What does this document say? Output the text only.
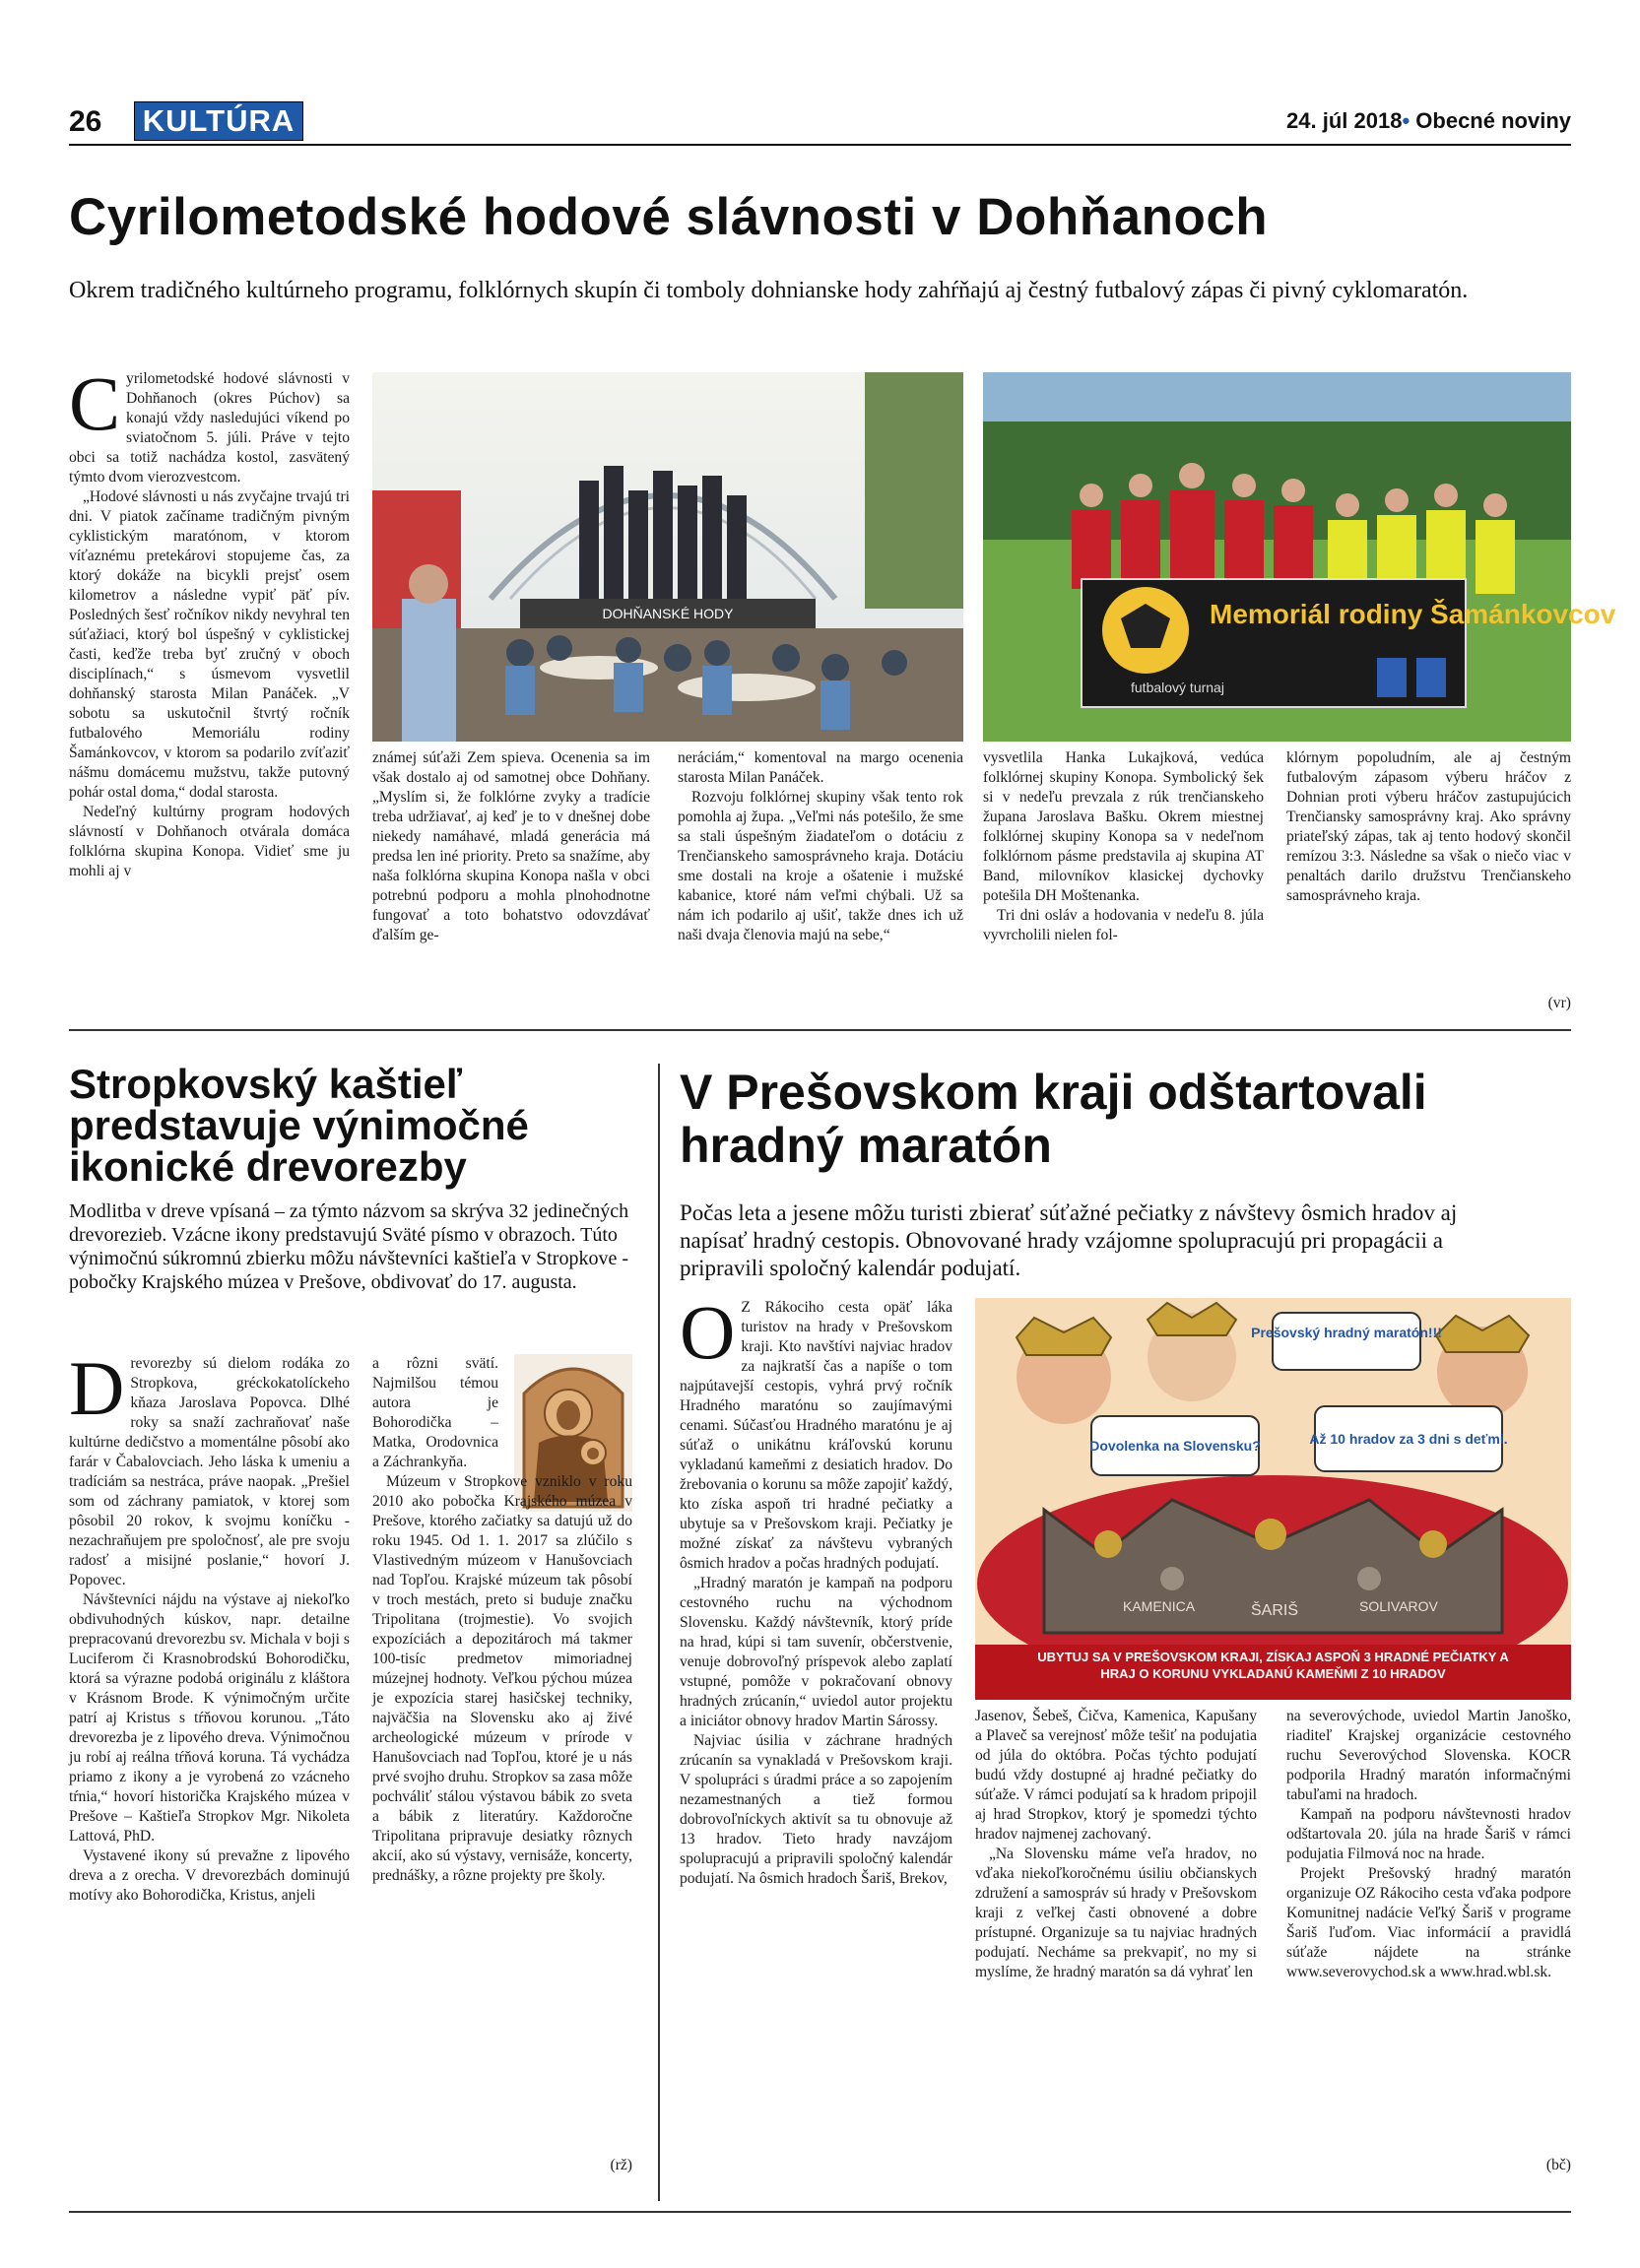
26 KULTÚRA	24. júl 2018• Obecné noviny
Cyrilometodské hodové slávnosti v Dohňanoch
Okrem tradičného kultúrneho programu, folklórnych skupín či tomboly dohnianske hody zahŕňajú aj čestný futbalový zápas či pivný cyklomaratón.
C yrilometodské hodové slávnosti v Dohňanoch (okres Púchov) sa konajú vždy nasledujúci víkend po sviatočnom 5. júli. Práve v tejto obci sa totiž nachádza kostol, zasvätený týmto dvom vierozvestcom.

„Hodové slávnosti u nás zvyčajne trvajú tri dni. V piatok začíname tradičným pivným cyklistickým maratónom, v ktorom víťaznému pretekárovi stopujeme čas, za ktorý dokáže na bicykli prejsť osem kilometrov a následne vypiť päť pív. Posledných šesť ročníkov nikdy nevyhral ten súťažiaci, ktorý bol úspešný v cyklistickej časti, keďže treba byť zručný v oboch disciplínach,“ s úsmevom vysvetlil dohňanský starosta Milan Panáček. „V sobotu sa uskutočnil štvrtý ročník futbalového Memoriálu rodiny Šamánkovcov, v ktorom sa podarilo zvíťaziť nášmu domácemu mužstvu, takže putovný pohár ostal doma,“ dodal starosta.

Nedeľný kultúrny program hodových slávností v Dohňanoch otvárala domáca folklórna skupina Konopa. Vidieť sme ju mohli aj v

DOHŇANSKÉ HODY	Memoriál rodiny Šamánkovcov
futbalový turnaj

známej súťaži Zem spieva. Ocenenia sa im však dostalo aj od samotnej obce Dohňany. „Myslím si, že folklórne zvyky a tradície treba udržiavať, aj keď je to v dnešnej dobe niekedy namáhavé, mladá generácia má predsa len iné priority. Preto sa snažíme, aby naša folklórna skupina Konopa našla v obci potrebnú podporu a mohla plnohodnotne fungovať a toto bohatstvo odovzdávať ďalším ge-

neráciám,“ komentoval na margo ocenenia starosta Milan Panáček.

Rozvoju folklórnej skupiny však tento rok pomohla aj župa. „Veľmi nás potešilo, že sme sa stali úspešným žiadateľom o dotáciu z Trenčianskeho samosprávneho kraja. Dotáciu sme dostali na kroje a ošatenie i mužské kabanice, ktoré nám veľmi chýbali. Už sa nám ich podarilo aj ušiť, takže dnes ich už naši dvaja členovia majú na sebe,“

vysvetlila Hanka Lukajková, vedúca folklórnej skupiny Konopa. Symbolický šek si v nedeľu prevzala z rúk trenčianskeho župana Jaroslava Bašku. Okrem miestnej folklórnej skupiny Konopa sa v nedeľnom folklórnom pásme predstavila aj skupina AT Band, milovníkov klasickej dychovky potešila DH Moštenanka.

Tri dni osláv a hodovania v nedeľu 8. júla vyvrcholili nielen fol-

klórnym popoludním, ale aj čestným futbalovým zápasom výberu hráčov z Dohnian proti výberu hráčov zastupujúcich Trenčiansky samosprávny kraj. Ako správny priateľský zápas, tak aj tento hodový skončil remízou 3:3. Následne sa však o niečo viac v penaltách darilo družstvu Trenčianskeho samosprávneho kraja.

(vr)
Stropkovský kaštieľ predstavuje výnimočné ikonické drevorezby
Modlitba v dreve vpísaná – za týmto názvom sa skrýva 32 jedinečných drevorezieb. Vzácne ikony predstavujú Sväté písmo v obrazoch. Túto výnimočnú súkromnú zbierku môžu návštevníci kaštieľa v Stropkove - pobočky Krajského múzea v Prešove, obdivovať do 17. augusta.
D revorezby sú dielom rodáka zo Stropkova, gréckokatolíckeho kňaza Jaroslava Popovca. Dlhé roky sa snaží zachraňovať naše kultúrne dedičstvo a momentálne pôsobí ako farár v Čabalovciach. Jeho láska k umeniu a tradíciám sa nestráca, práve naopak. „Prešiel som od záchrany pamiatok, v ktorej som pôsobil 20 rokov, k svojmu koníčku - nezachraňujem pre spoločnosť, ale pre svoju radosť a misijné poslanie,“ hovorí J. Popovec.

Návštevníci nájdu na výstave aj niekoľko obdivuhodných kúskov, napr. detailne prepracovanú drevorezbu sv. Michala v boji s Luciferom či Krasnobrodskú Bohorodičku, ktorá sa výrazne podobá originálu z kláštora v Krásnom Brode. K výnimočným určite patrí aj Kristus s tŕňovou korunou. „Táto drevorezba je z lipového dreva. Výnimočnou ju robí aj reálna tŕňová koruna. Tá vychádza priamo z ikony a je vyrobená zo vzácneho tŕnia,“ hovorí historička Krajského múzea v Prešove – Kaštieľa Stropkov Mgr. Nikoleta Lattová, PhD.

Vystavené ikony sú prevažne z lipového dreva a z orecha. V drevorezbách dominujú motívy ako Bohorodička, Kristus, anjeli

a rôzni svätí. Najmilšou témou autora je Bohorodička – Matka, Orodovnica a Záchrankyňa.

Múzeum v Stropkove vzniklo v roku 2010 ako pobočka Krajského múzea v Prešove, ktorého začiatky sa datujú už do roku 1945. Od 1. 1. 2017 sa zlúčilo s Vlastivedným múzeom v Hanušovciach nad Topľou. Krajské múzeum tak pôsobí v troch mestách, preto si buduje značku Tripolitana (trojmestie). Vo svojich expozíciách a depozitároch má takmer 100-tisíc predmetov mimoriadnej múzejnej hodnoty. Veľkou pýchou múzea je expozícia starej hasičskej techniky, najväčšia na Slovensku ako aj živé archeologické múzeum v prírode v Hanušovciach nad Topľou, ktoré je u nás prvé svojho druhu. Stropkov sa zasa môže pochváliť stálou výstavou bábik zo sveta a bábik z literatúry. Každoročne Tripolitana pripravuje desiatky rôznych akcií, ako sú výstavy, vernisáže, koncerty, prednášky, a rôzne projekty pre školy.

(rž)
V Prešovskom kraji odštartovali hradný maratón
Počas leta a jesene môžu turisti zbierať súťažné pečiatky z návštevy ôsmich hradov aj napísať hradný cestopis. Obnovované hrady vzájomne spolupracujú pri propagácii a pripravili spoločný kalendár podujatí.
O Z Rákociho cesta opäť láka turistov na hrady v Prešovskom kraji. Kto navštívi najviac hradov za najkratší čas a napíše o tom najpútavejší cestopis, vyhrá prvý ročník Hradného maratónu so zaujímavými cenami. Súčasťou Hradného maratónu je aj súťaž o unikátnu kráľovskú korunu vykladanú kameňmi z desiatich hradov. Do žrebovania o korunu sa môže zapojiť každý, kto získa aspoň tri hradné pečiatky a ubytuje sa v Prešovskom kraji. Pečiatky je možné získať za návštevu vybraných ôsmich hradov a počas hradných podujatí.

„Hradný maratón je kampaň na podporu cestovného ruchu na východnom Slovensku. Každý návštevník, ktorý príde na hrad, kúpi si tam suvenír, občerstvenie, venuje dobrovoľný príspevok alebo zaplatí vstupné, pomôže v pokračovaní obnovy hradných zrúcanín,“ uviedol autor projektu a iniciátor obnovy hradov Martin Sárossy.

Najviac úsilia v záchrane hradných zrúcanín sa vynakladá v Prešovskom kraji. V spolupráci s úradmi práce a so zapojením nezamestnaných a tiež formou dobrovoľníckych aktivít sa tu obnovuje až 13 hradov. Tieto hrady navzájom spolupracujú a pripravili spoločný kalendár podujatí. Na ôsmich hradoch Šariš, Brekov,

Prešovský hradný maratón!!!
Dovolenka na Slovensku?	Až 10 hradov za 3 dni s deťmi.
KAMENICA	ŠARIŠ	SOLIVAROV
UBYTUJ SA V PREŠOVSKOM KRAJI, ZÍSKAJ ASPOŇ 3 HRADNÉ PEČIATKY A HRAJ O KORUNU VYKLADANÚ KAMEŇMI Z 10 HRADOV

Jasenov, Šebeš, Čičva, Kamenica, Kapušany a Plaveč sa verejnosť môže tešiť na podujatia od júla do októbra. Počas týchto podujatí budú vždy dostupné aj hradné pečiatky do súťaže. V rámci podujatí sa k hradom pripojil aj hrad Stropkov, ktorý je spomedzi týchto hradov najmenej zachovaný.

„Na Slovensku máme veľa hradov, no vďaka niekoľkoročnému úsiliu občianskych združení a samospráv sú hrady v Prešovskom kraji z veľkej časti obnovené a dobre prístupné. Organizuje sa tu najviac hradných podujatí. Necháme sa prekvapiť, no my si myslíme, že hradný maratón sa dá vyhrať len

na severovýchode, uviedol Martin Janoško, riaditeľ Krajskej organizácie cestovného ruchu Severovýchod Slovenska. KOCR podporila Hradný maratón informačnými tabuľami na hradoch.

Kampaň na podporu návštevnosti hradov odštartovala 20. júla na hrade Šariš v rámci podujatia Filmová noc na hrade.

Projekt Prešovský hradný maratón organizuje OZ Rákociho cesta vďaka podpore Komunitnej nadácie Veľký Šariš v programe Šariš ľuďom. Viac informácií a pravidlá súťaže nájdete na stránke www.severovychod.sk a www.hrad.wbl.sk.

(bč)
